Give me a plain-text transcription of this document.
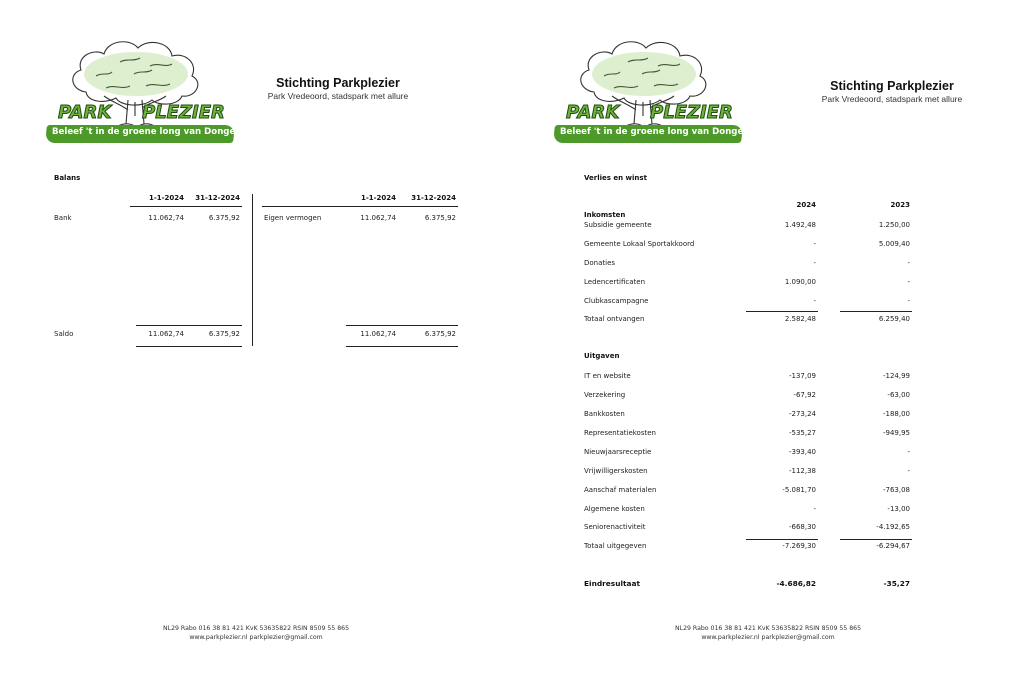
PARK PLEZIER
Beleef 't in de groene long van Dongen!
Stichting Parkplezier
Park Vredeoord, stadspark met allure
Balans
1-1-2024	31-12-2024	1-1-2024	31-12-2024
Bank	11.062,74	6.375,92	Eigen vermogen	11.062,74	6.375,92
Saldo	11.062,74	6.375,92	11.062,74	6.375,92
NL29 Rabo 016 38 81 421 KvK 53635822 RSIN 8509 55 865
www.parkplezier.nl parkplezier@gmail.com
PARK PLEZIER
Beleef 't in de groene long van Dongen!
Stichting Parkplezier
Park Vredeoord, stadspark met allure
Verlies en winst
2024	2023
Inkomsten
Subsidie gemeente	1.492,48	1.250,00
Gemeente Lokaal Sportakkoord	-	5.009,40
Donaties	-	-
Ledencertificaten	1.090,00	-
Clubkascampagne	-	-
Totaal ontvangen	2.582,48	6.259,40
Uitgaven
IT en website	-137,09	-124,99
Verzekering	-67,92	-63,00
Bankkosten	-273,24	-188,00
Representatiekosten	-535,27	-949,95
Nieuwjaarsreceptie	-393,40	-
Vrijwilligerskosten	-112,38	-
Aanschaf materialen	-5.081,70	-763,08
Algemene kosten	-	-13,00
Seniorenactiviteit	-668,30	-4.192,65
Totaal uitgegeven	-7.269,30	-6.294,67
Eindresultaat	-4.686,82	-35,27
NL29 Rabo 016 38 81 421 KvK 53635822 RSIN 8509 55 865
www.parkplezier.nl parkplezier@gmail.com
